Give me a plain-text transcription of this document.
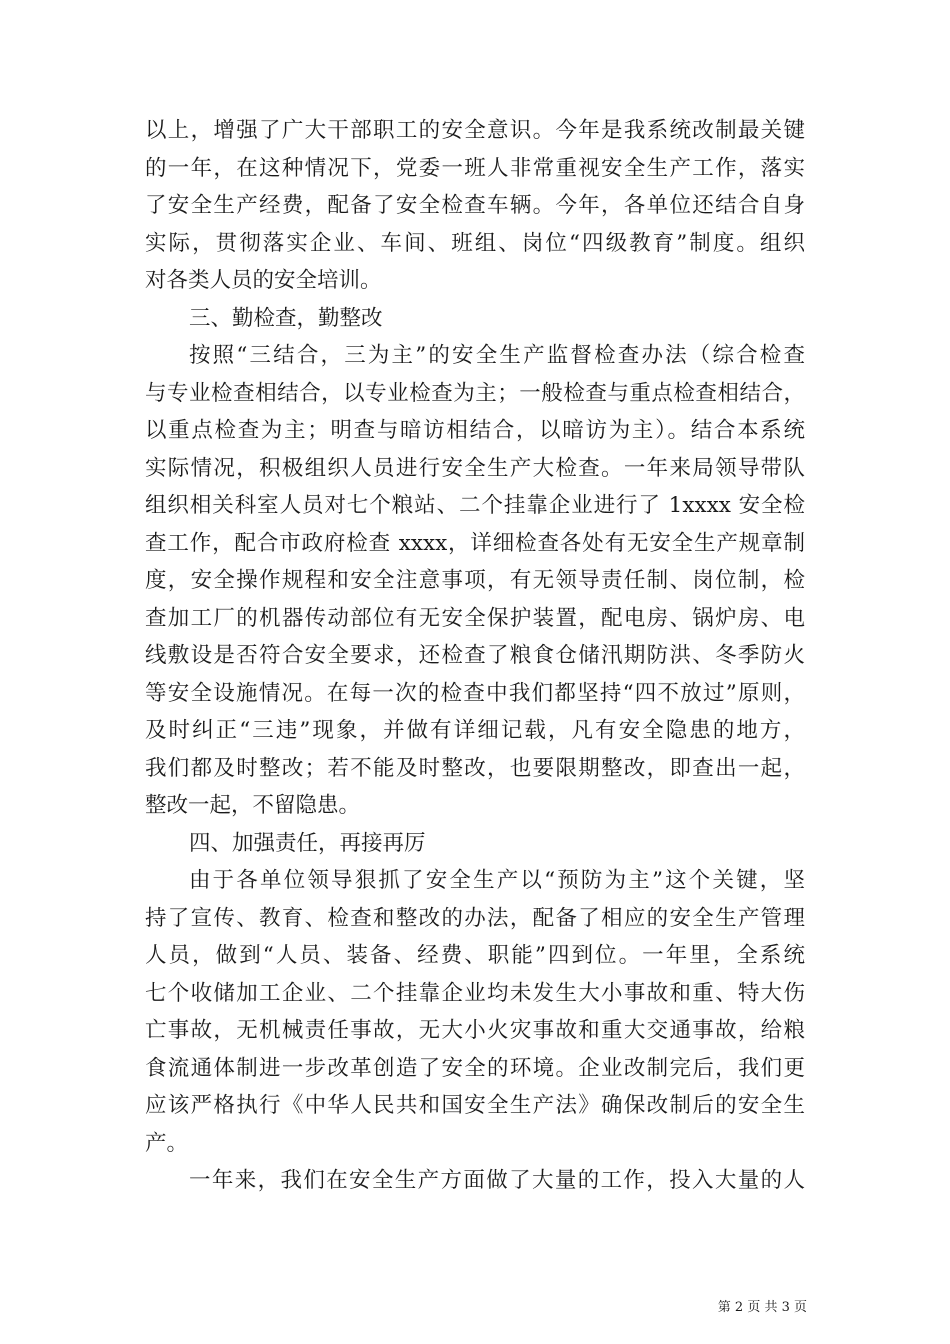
以上，增强了广大干部职工的安全意识。今年是我系统改制最关键
的一年，在这种情况下，党委一班人非常重视安全生产工作，落实
了安全生产经费，配备了安全检查车辆。今年，各单位还结合自身
实际，贯彻落实企业、车间、班组、岗位“四级教育”制度。组织
对各类人员的安全培训。
三、勤检查，勤整改
按照“三结合，三为主”的安全生产监督检查办法（综合检查
与专业检查相结合，以专业检查为主；一般检查与重点检查相结合，
以重点检查为主；明查与暗访相结合，以暗访为主）。结合本系统
实际情况，积极组织人员进行安全生产大检查。一年来局领导带队
组织相关科室人员对七个粮站、二个挂靠企业进行了 1xxxx 安全检
查工作，配合市政府检查 xxxx，详细检查各处有无安全生产规章制
度，安全操作规程和安全注意事项，有无领导责任制、岗位制，检
查加工厂的机器传动部位有无安全保护装置，配电房、锅炉房、电
线敷设是否符合安全要求，还检查了粮食仓储汛期防洪、冬季防火
等安全设施情况。在每一次的检查中我们都坚持“四不放过”原则，
及时纠正“三违”现象，并做有详细记载，凡有安全隐患的地方，
我们都及时整改；若不能及时整改，也要限期整改，即查出一起，
整改一起，不留隐患。
四、加强责任，再接再厉
由于各单位领导狠抓了安全生产以“预防为主”这个关键，坚
持了宣传、教育、检查和整改的办法，配备了相应的安全生产管理
人员，做到“人员、装备、经费、职能”四到位。一年里，全系统
七个收储加工企业、二个挂靠企业均未发生大小事故和重、特大伤
亡事故，无机械责任事故，无大小火灾事故和重大交通事故，给粮
食流通体制进一步改革创造了安全的环境。企业改制完后，我们更
应该严格执行《中华人民共和国安全生产法》确保改制后的安全生
产。
一年来，我们在安全生产方面做了大量的工作，投入大量的人
第 2 页 共 3 页
